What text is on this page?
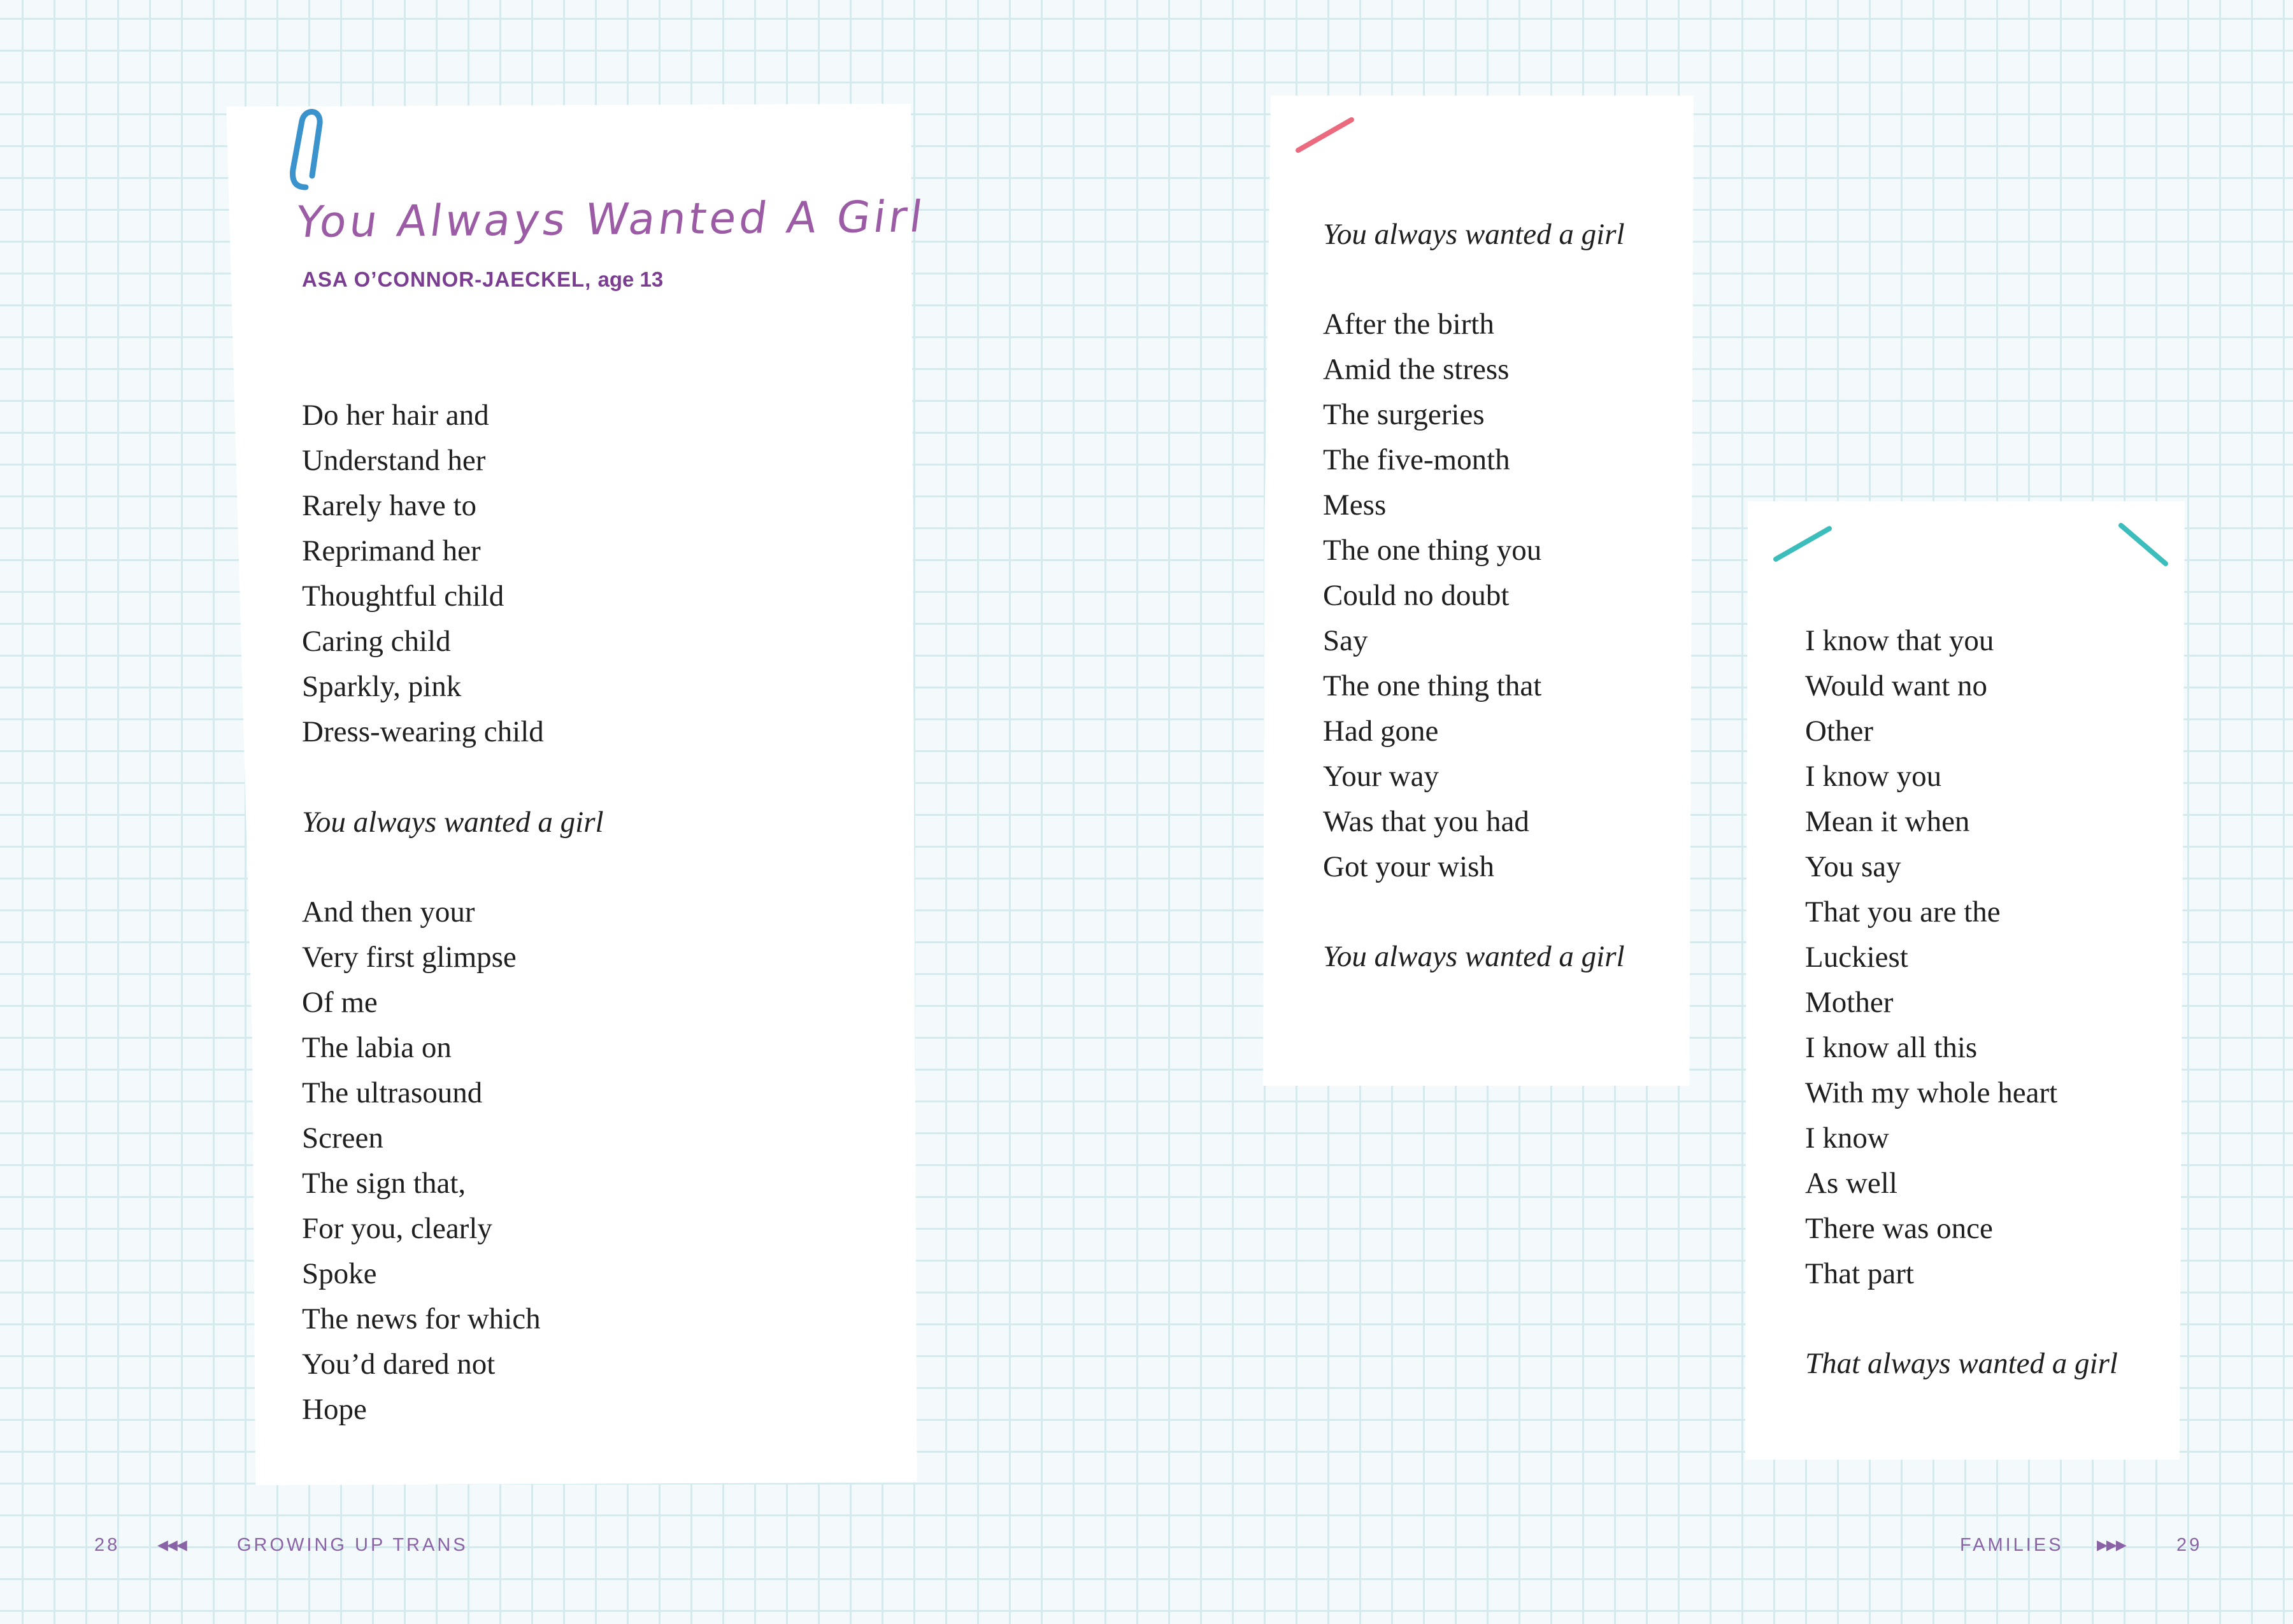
You Always Wanted A Girl
ASA O’CONNOR-JAECKEL, age 13
Do her hair and
Understand her
Rarely have to
Reprimand her
Thoughtful child
Caring child
Sparkly, pink
Dress-wearing child
You always wanted a girl
And then your
Very first glimpse
Of me
The labia on
The ultrasound
Screen
The sign that,
For you, clearly
Spoke
The news for which
You’d dared not
Hope
You always wanted a girl
After the birth
Amid the stress
The surgeries
The five-month
Mess
The one thing you
Could no doubt
Say
The one thing that
Had gone
Your way
Was that you had
Got your wish
You always wanted a girl
I know that you
Would want no
Other
I know you
Mean it when
You say
That you are the
Luckiest
Mother
I know all this
With my whole heart
I know
As well
There was once
That part
That always wanted a girl
28	◀◀◀	GROWING UP TRANS	FAMILIES ▶▶▶	29
